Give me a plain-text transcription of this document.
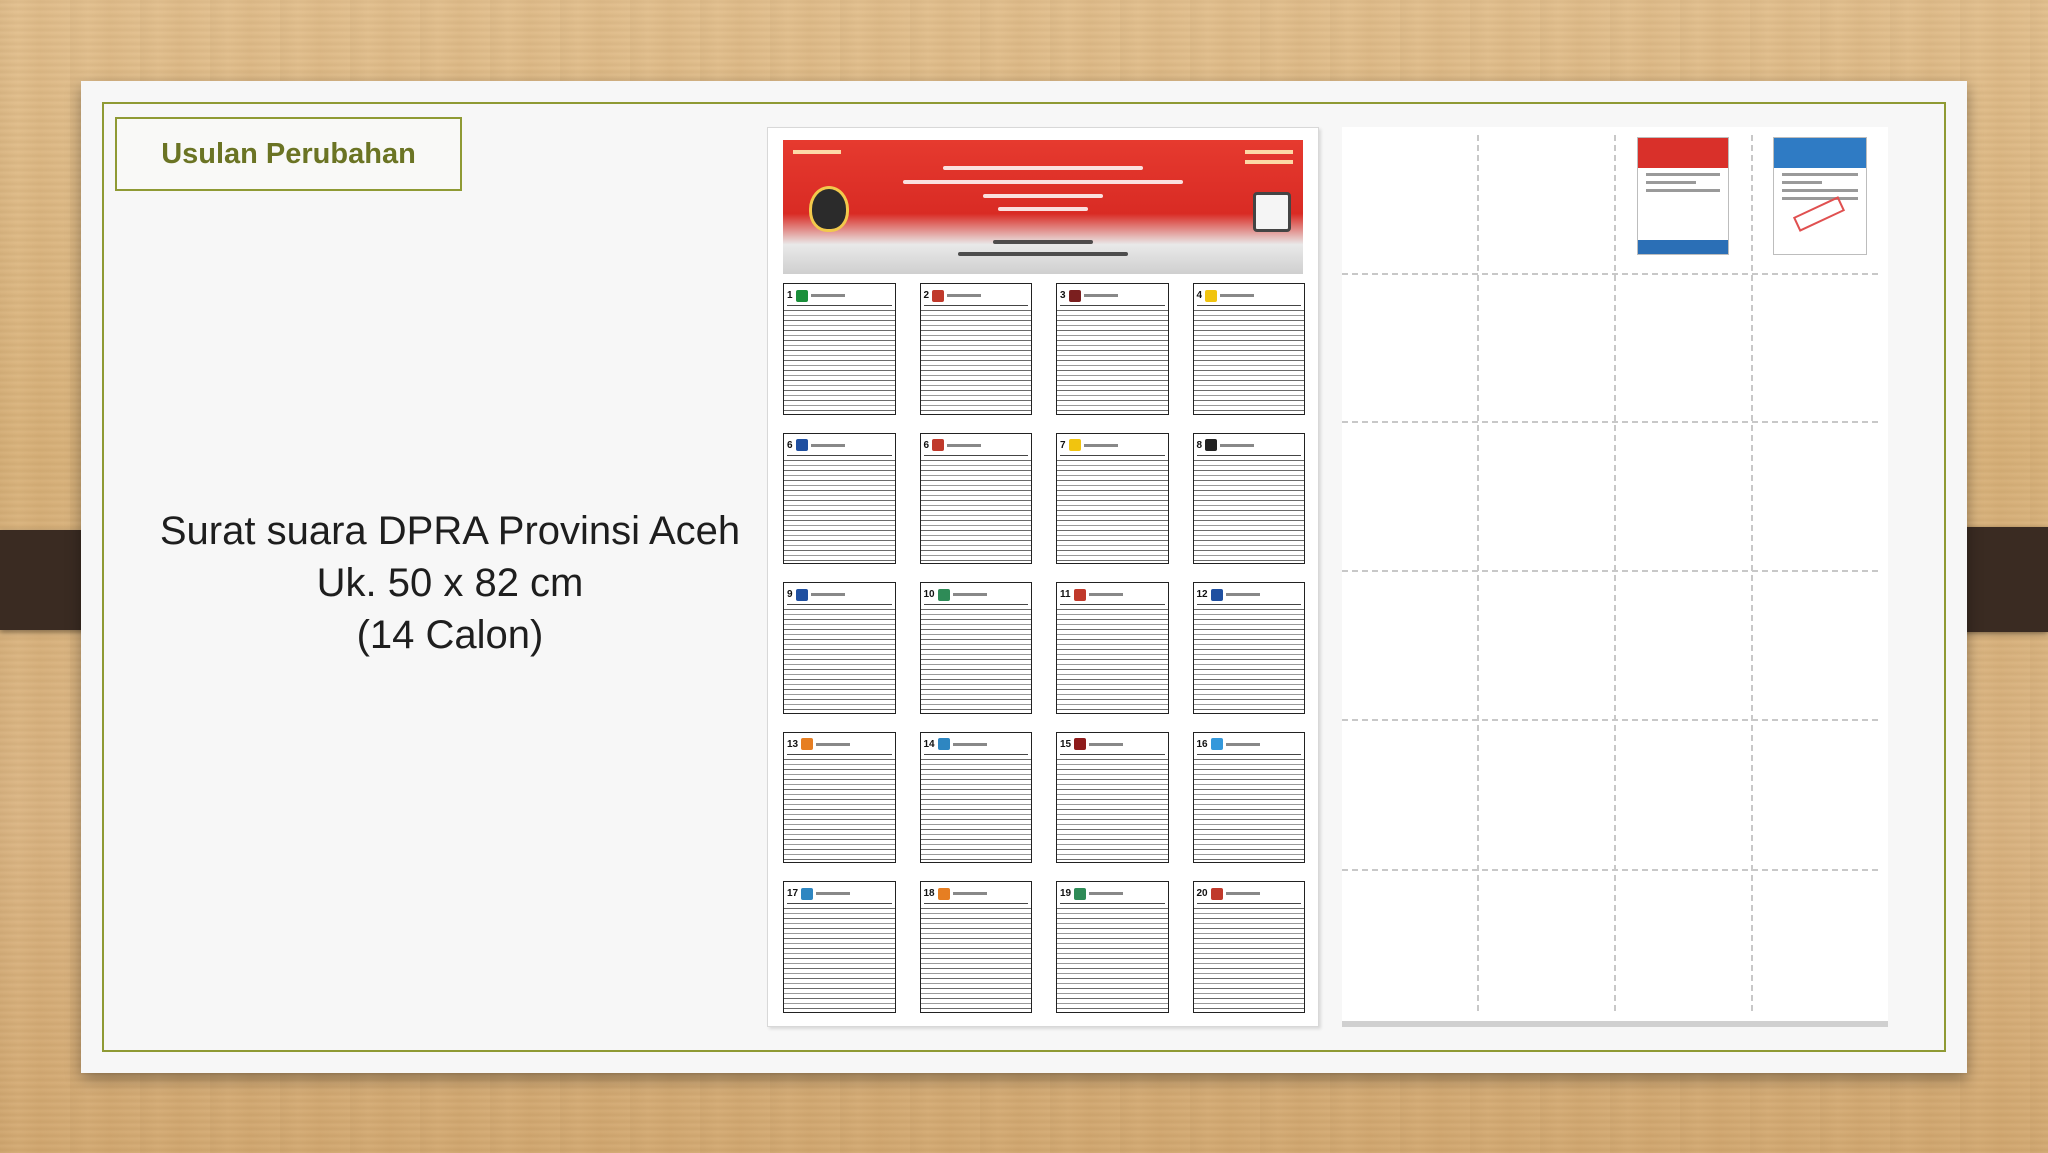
Usulan Perubahan
Surat suara DPRA Provinsi Aceh
Uk. 50 x 82 cm
(14 Calon)
1	2	3	4
6	6	7	8
9	10	11	12
13	14	15	16
17	18	19	20
